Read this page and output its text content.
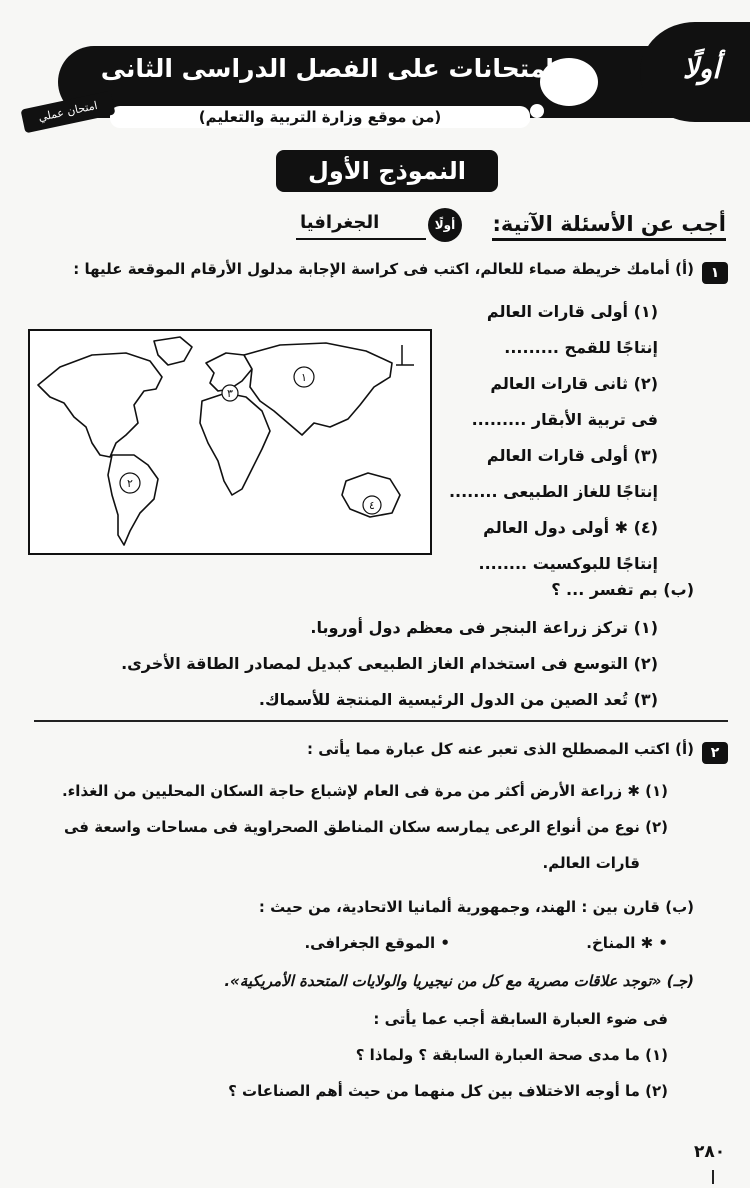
أولًا
امتحانات على الفصل الدراسى الثانى
(من موقع وزارة التربية والتعليم)
امتحان عملي
النموذج الأول
أجب عن الأسئلة الآتية:
أولًا
الجغرافيا
١
(أ) أمامك خريطة صماء للعالم، اكتب فى كراسة الإجابة مدلول الأرقام الموقعة عليها :
(١) أولى قارات العالم
إنتاجًا للقمح .........
(٢) ثانى قارات العالم
فى تربية الأبقار .........
(٣) أولى قارات العالم
إنتاجًا للغاز الطبيعى ........
(٤) ✱ أولى دول العالم
إنتاجًا للبوكسيت ........
١
٢
٣
٤
(ب) بم تفسر ... ؟
(١) تركز زراعة البنجر فى معظم دول أوروبا.
(٢) التوسع فى استخدام الغاز الطبيعى كبديل لمصادر الطاقة الأخرى.
(٣) تُعد الصين من الدول الرئيسية المنتجة للأسماك.
٢
(أ) اكتب المصطلح الذى تعبر عنه كل عبارة مما يأتى :
(١) ✱ زراعة الأرض أكثر من مرة فى العام لإشباع حاجة السكان المحليين من الغذاء.
(٢) نوع من أنواع الرعى يمارسه سكان المناطق الصحراوية فى مساحات واسعة فى
قارات العالم.
(ب) قارن بين : الهند، وجمهورية ألمانيا الاتحادية، من حيث :
• ✱ المناخ.
• الموقع الجغرافى.
(جـ) «توجد علاقات مصرية مع كل من نيجيريا والولايات المتحدة الأمريكية».
فى ضوء العبارة السابقة أجب عما يأتى :
(١) ما مدى صحة العبارة السابقة ؟ ولماذا ؟
(٢) ما أوجه الاختلاف بين كل منهما من حيث أهم الصناعات ؟
٢٨٠
